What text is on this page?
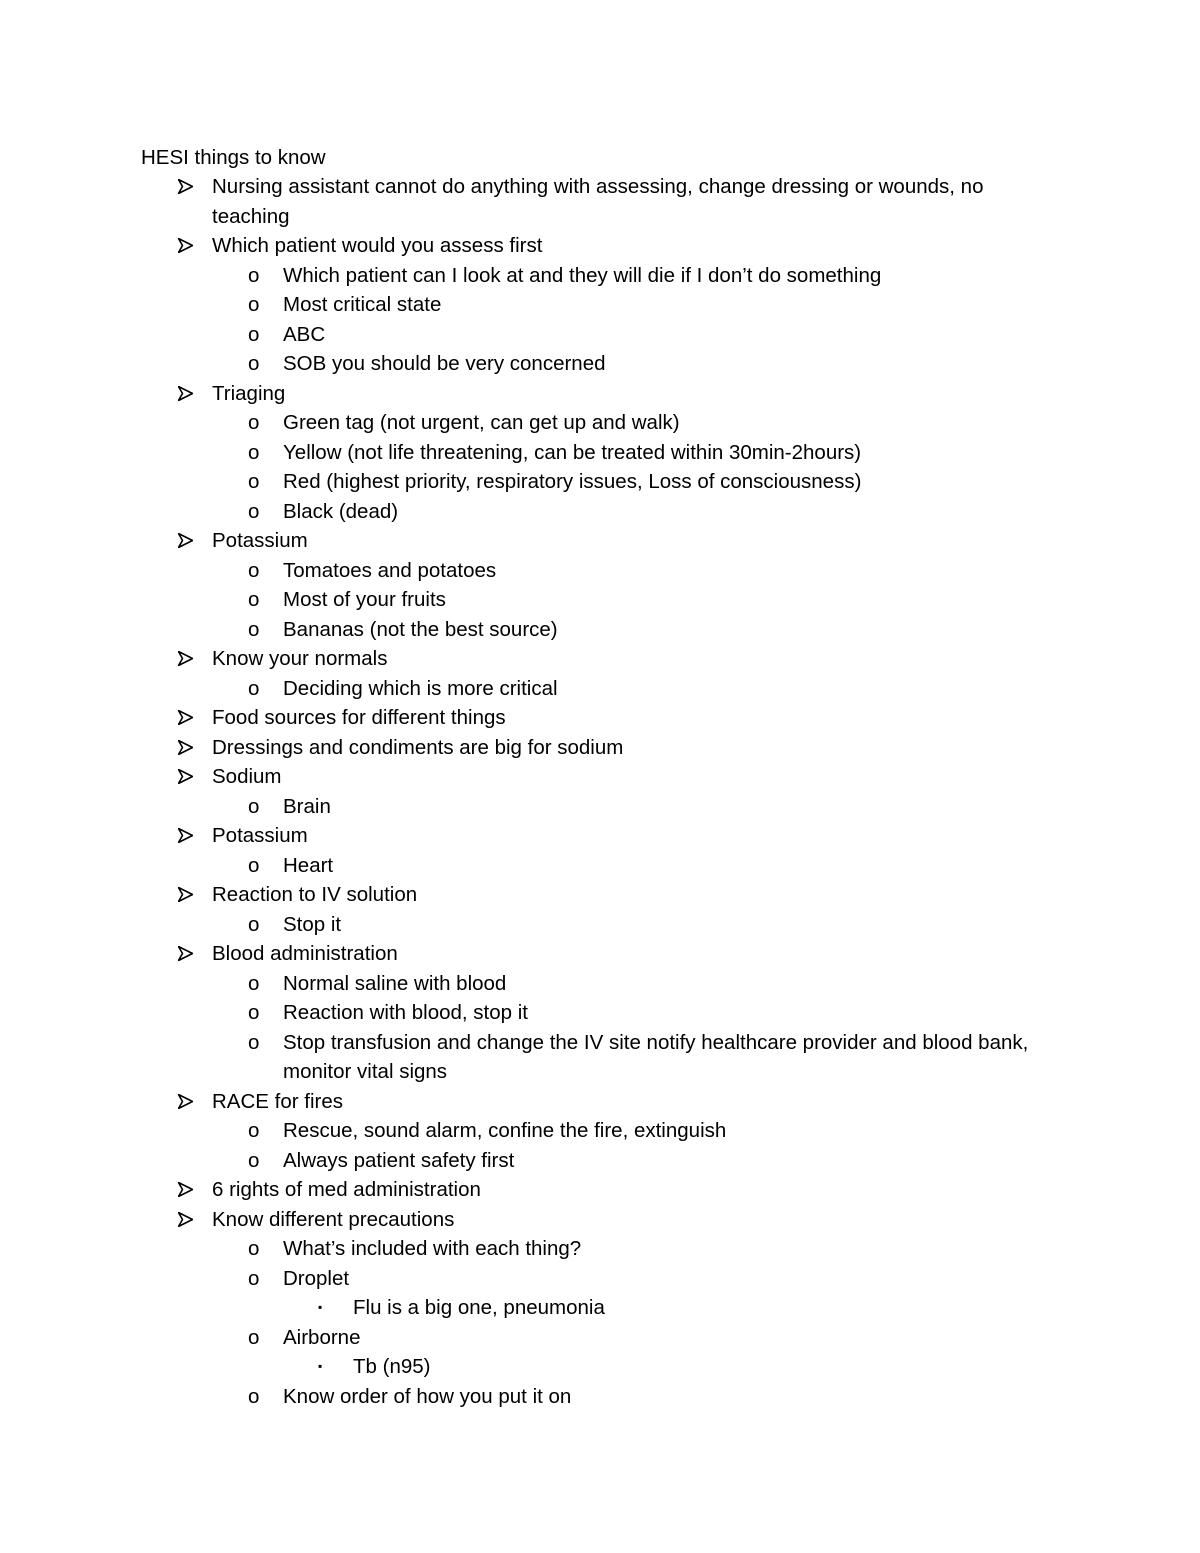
HESI things to know
Nursing assistant cannot do anything with assessing, change dressing or wounds, no teaching
Which patient would you assess first
o Which patient can I look at and they will die if I don’t do something
o Most critical state
o ABC
o SOB you should be very concerned
Triaging
o Green tag (not urgent, can get up and walk)
o Yellow (not life threatening, can be treated within 30min-2hours)
o Red (highest priority, respiratory issues, Loss of consciousness)
o Black (dead)
Potassium
o Tomatoes and potatoes
o Most of your fruits
o Bananas (not the best source)
Know your normals
o Deciding which is more critical
Food sources for different things
Dressings and condiments are big for sodium
Sodium
o Brain
Potassium
o Heart
Reaction to IV solution
o Stop it
Blood administration
o Normal saline with blood
o Reaction with blood, stop it
o Stop transfusion and change the IV site notify healthcare provider and blood bank, monitor vital signs
RACE for fires
o Rescue, sound alarm, confine the fire, extinguish
o Always patient safety first
6 rights of med administration
Know different precautions
o What’s included with each thing?
o Droplet
▪ Flu is a big one, pneumonia
o Airborne
▪ Tb (n95)
o Know order of how you put it on
